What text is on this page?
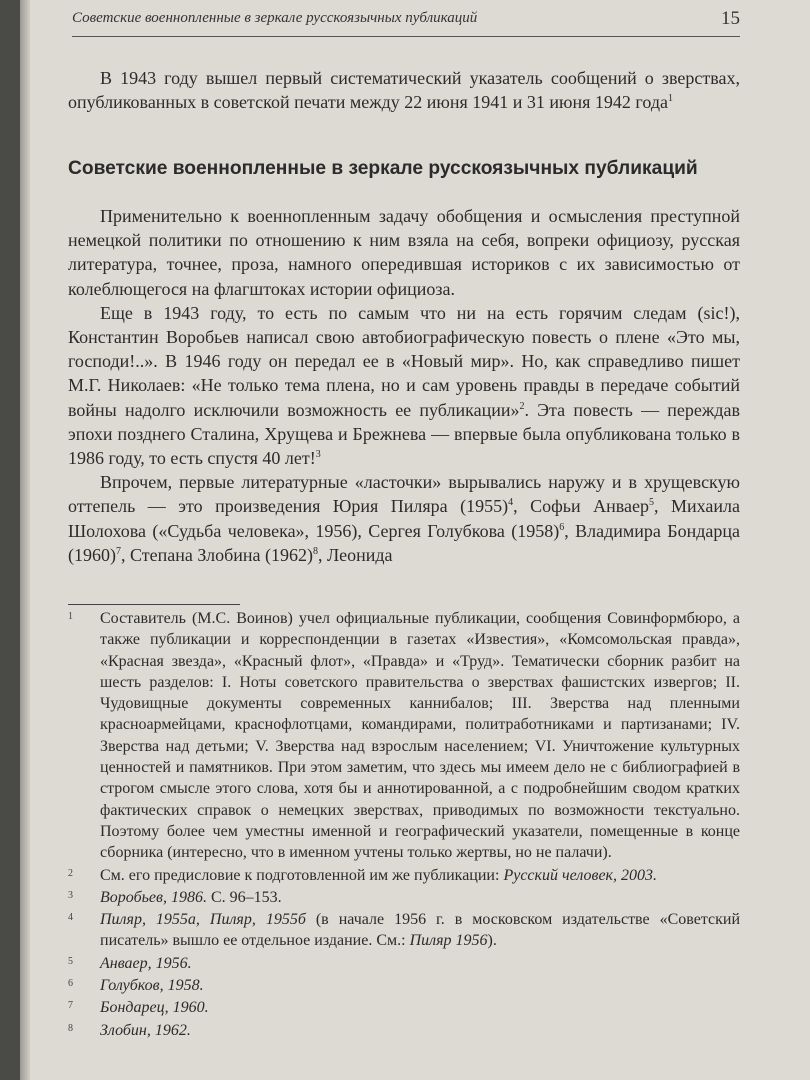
Советские военнопленные в зеркале русскоязычных публикаций	15

В 1943 году вышел первый систематический указатель сообщений о зверствах, опубликованных в советской печати между 22 июня 1941 и 31 июня 1942 года$^1$

Советские военнопленные в зеркале русскоязычных публикаций

Применительно к военнопленным задачу обобщения и осмысления преступной немецкой политики по отношению к ним взяла на себя, вопреки официозу, русская литература, точнее, проза, намного опередившая историков с их зависимостью от колеблющегося на флагштоках истории официоза.

Еще в 1943 году, то есть по самым что ни на есть горячим следам (sic!), Константин Воробьев написал свою автобиографическую повесть о плене «Это мы, господи!..». В 1946 году он передал ее в «Новый мир». Но, как справедливо пишет М.Г. Николаев: «Не только тема плена, но и сам уровень правды в передаче событий войны надолго исключили возможность ее публикации»$^2$. Эта повесть — переждав эпохи позднего Сталина, Хрущева и Брежнева — впервые была опубликована только в 1986 году, то есть спустя 40 лет!$^3$

Впрочем, первые литературные «ласточки» вырывались наружу и в хрущевскую оттепель — это произведения Юрия Пиляра $(1955)^4$, Софьи Анваер$^5$, Михаила Шолохова («Судьба человека», 1956), Сергея Голубкова $(1958)^6$, Владимира Бондарца $(1960)^7$, Степана Злобина $(1962)^8$, Леонида

1 Составитель (М.С. Воинов) учел официальные публикации, сообщения Совинформбюро, а также публикации и корреспонденции в газетах «Известия», «Комсомольская правда», «Красная звезда», «Красный флот», «Правда» и «Труд». Тематически сборник разбит на шесть разделов: I. Ноты советского правительства о зверствах фашистских извергов; II. Чудовищные документы современных каннибалов; III. Зверства над пленными красноармейцами, краснофлотцами, командирами, политработниками и партизанами; IV. Зверства над детьми; V. Зверства над взрослым населением; VI. Уничтожение культурных ценностей и памятников. При этом заметим, что здесь мы имеем дело не с библиографией в строгом смысле этого слова, хотя бы и аннотированной, а с подробнейшим сводом кратких фактических справок о немецких зверствах, приводимых по возможности текстуально. Поэтому более чем уместны именной и географический указатели, помещенные в конце сборника (интересно, что в именном учтены только жертвы, но не палачи).
2 См. его предисловие к подготовленной им же публикации: Русский человек, 2003.
3 Воробьев, 1986. С. 96–153.
4 Пиляр, 1955а, Пиляр, 1955б (в начале 1956 г. в московском издательстве «Советский писатель» вышло ее отдельное издание. См.: Пиляр 1956).
5 Анваер, 1956.
6 Голубков, 1958.
7 Бондарец, 1960.
8 Злобин, 1962.
